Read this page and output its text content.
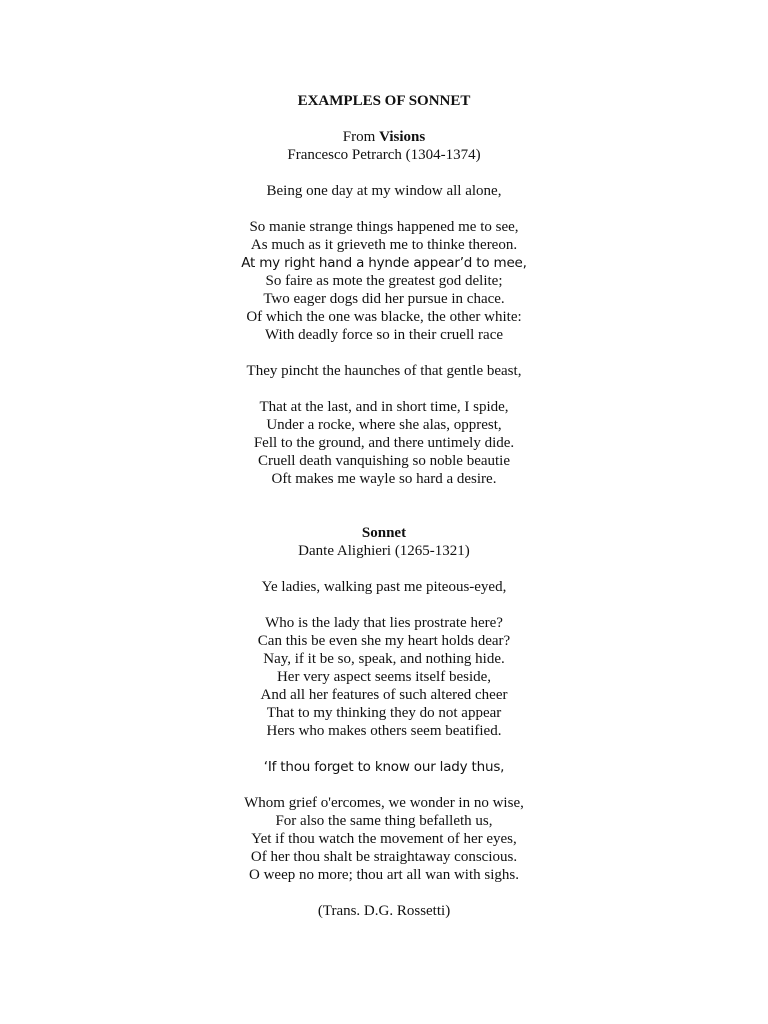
EXAMPLES OF SONNET
From Visions
Francesco Petrarch (1304-1374)
Being one day at my window all alone,
So manie strange things happened me to see,
As much as it grieveth me to thinke thereon.
At my right hand a hynde appear’d to mee,
So faire as mote the greatest god delite;
Two eager dogs did her pursue in chace.
Of which the one was blacke, the other white:
With deadly force so in their cruell race
They pincht the haunches of that gentle beast,
That at the last, and in short time, I spide,
Under a rocke, where she alas, opprest,
Fell to the ground, and there untimely dide.
Cruell death vanquishing so noble beautie
Oft makes me wayle so hard a desire.
Sonnet
Dante Alighieri (1265-1321)
Ye ladies, walking past me piteous-eyed,
Who is the lady that lies prostrate here?
Can this be even she my heart holds dear?
Nay, if it be so, speak, and nothing hide.
Her very aspect seems itself beside,
And all her features of such altered cheer
That to my thinking they do not appear
Hers who makes others seem beatified.
‘If thou forget to know our lady thus,
Whom grief o'ercomes, we wonder in no wise,
For also the same thing befalleth us,
Yet if thou watch the movement of her eyes,
Of her thou shalt be straightaway conscious.
O weep no more; thou art all wan with sighs.
(Trans. D.G. Rossetti)
